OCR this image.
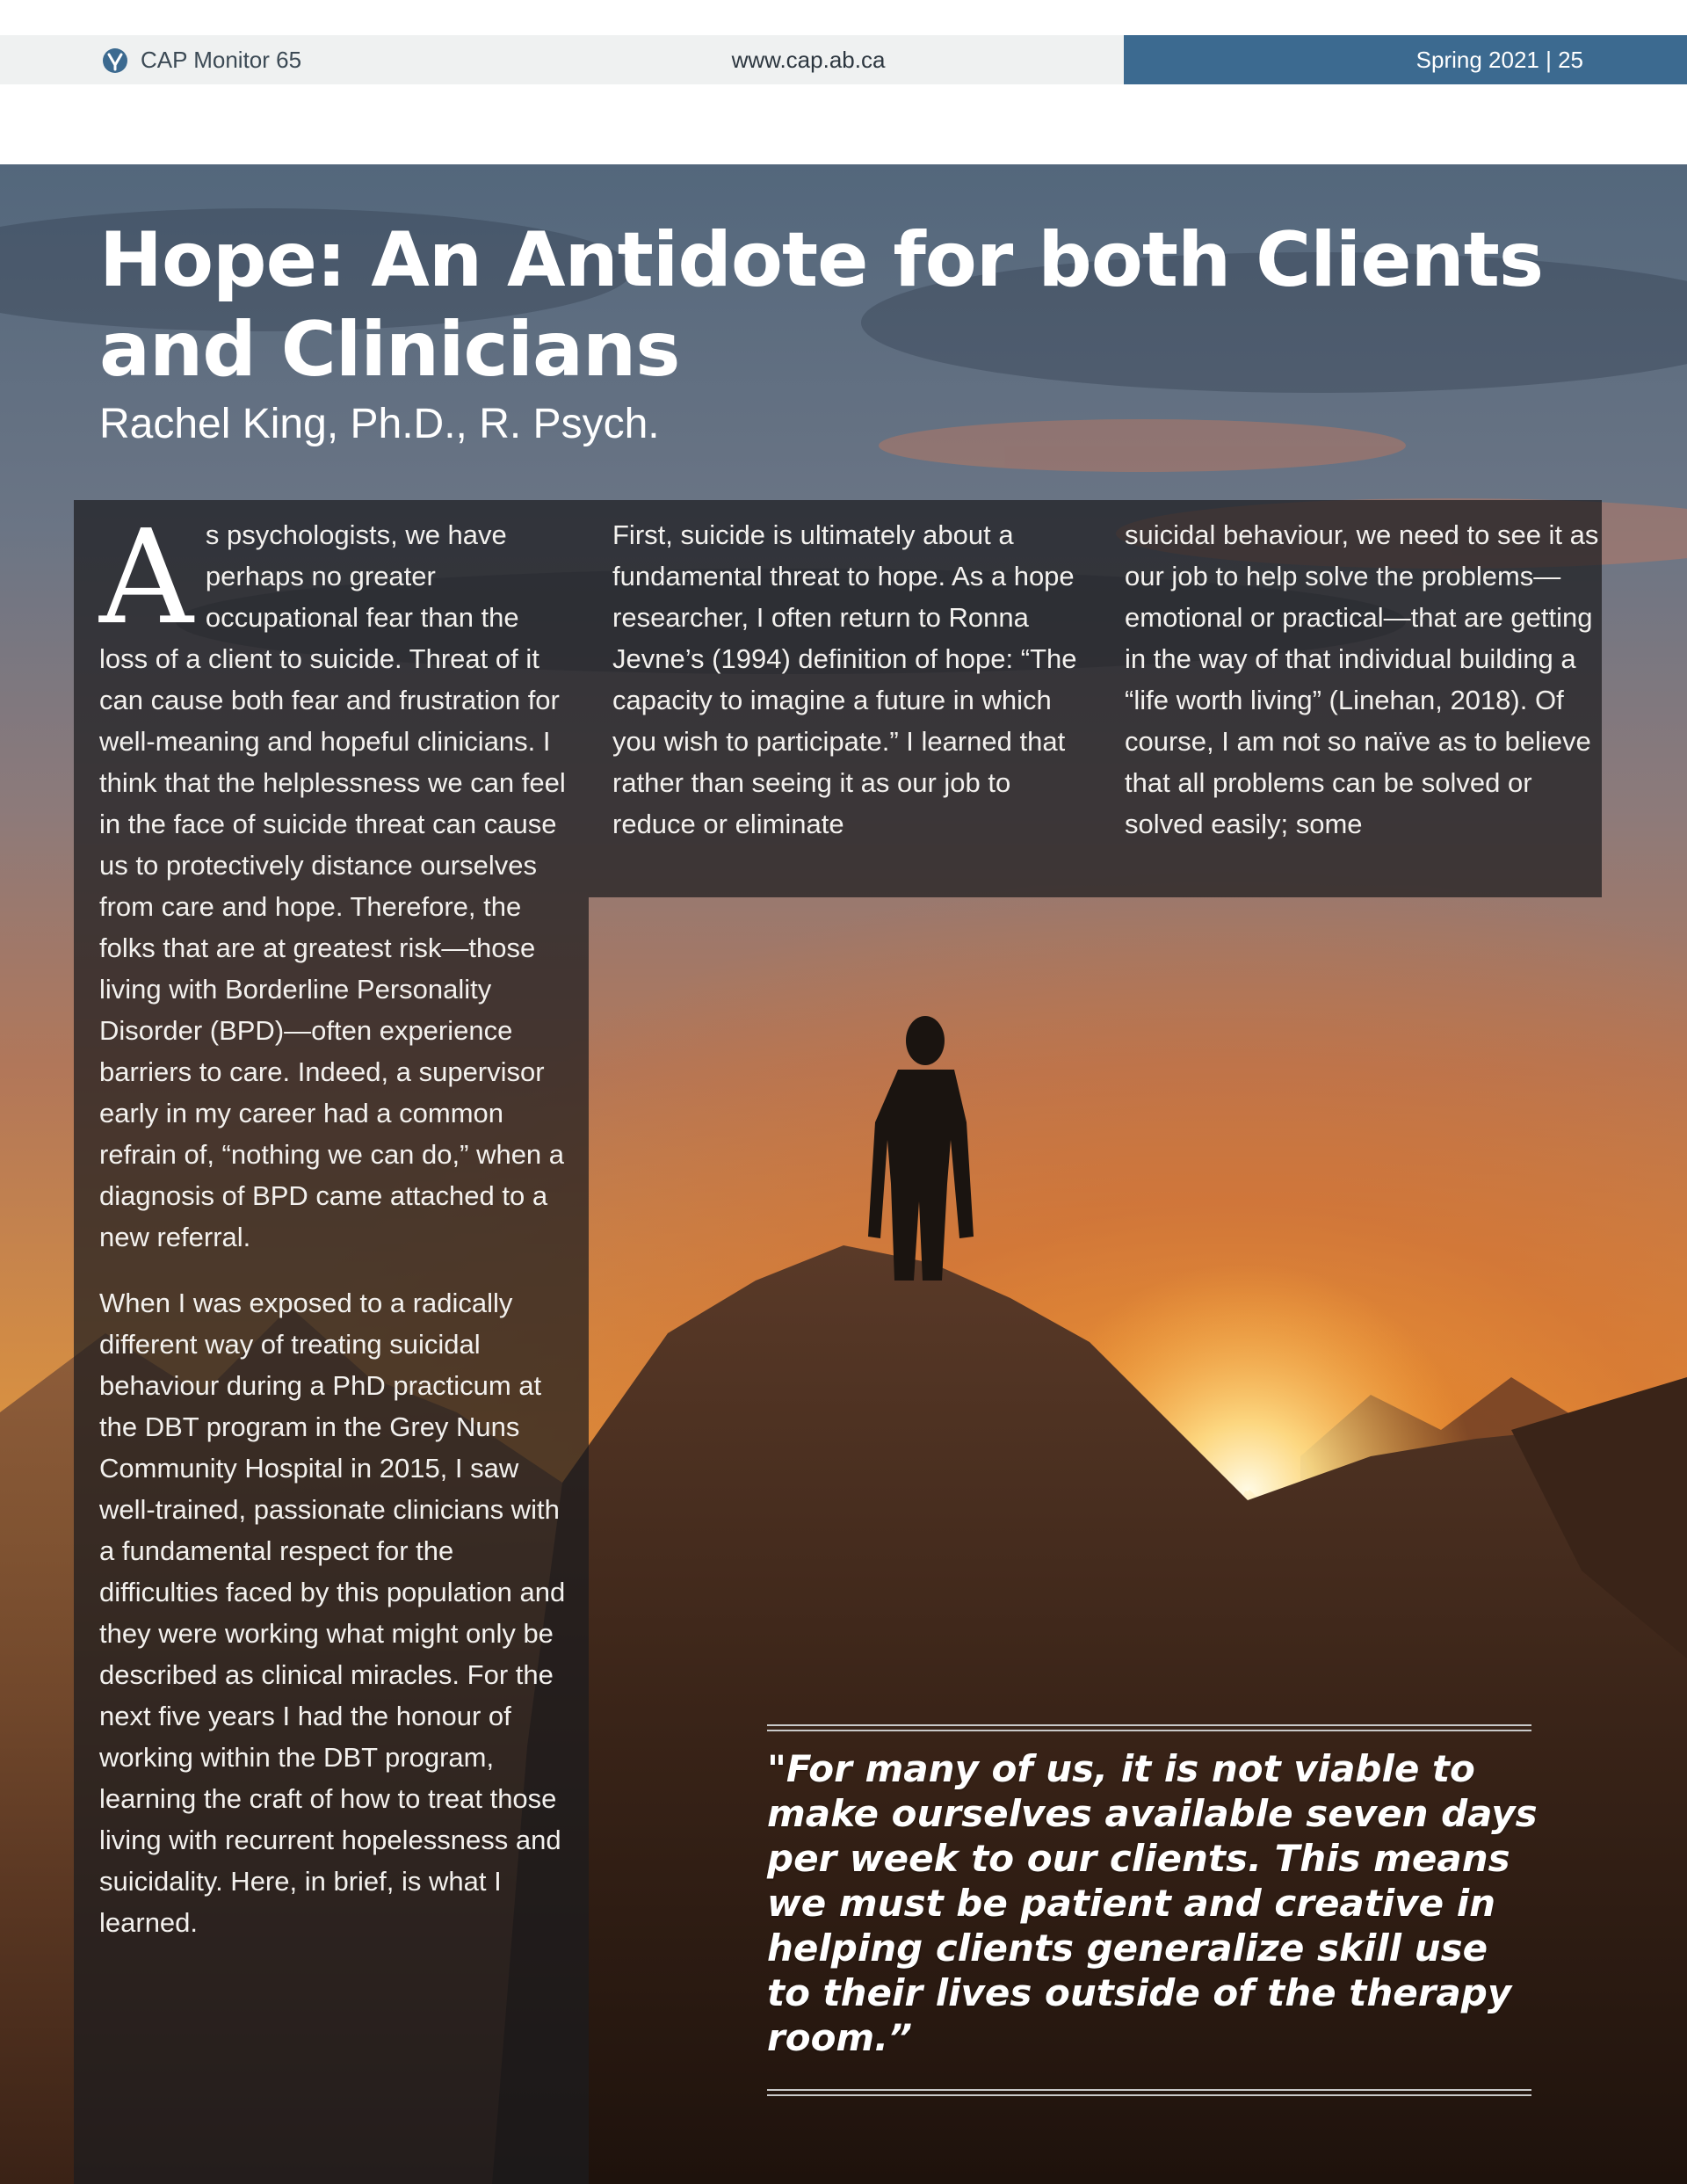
CAP Monitor 65	www.cap.ab.ca	Spring 2021 | 25
Hope: An Antidote for both Clients and Clinicians
Rachel King, Ph.D., R. Psych.

As psychologists, we have perhaps no greater occupational fear than the loss of a client to suicide. Threat of it can cause both fear and frustration for well-meaning and hopeful clinicians. I think that the helplessness we can feel in the face of suicide threat can cause us to protectively distance ourselves from care and hope. Therefore, the folks that are at greatest risk—those living with Borderline Personality Disorder (BPD)—often experience barriers to care. Indeed, a supervisor early in my career had a common refrain of, “nothing we can do,” when a diagnosis of BPD came attached to a new referral.

When I was exposed to a radically different way of treating suicidal behaviour during a PhD practicum at the DBT program in the Grey Nuns Community Hospital in 2015, I saw well-trained, passionate clinicians with a fundamental respect for the difficulties faced by this population and they were working what might only be described as clinical miracles. For the next five years I had the honour of working within the DBT program, learning the craft of how to treat those living with recurrent hopelessness and suicidality. Here, in brief, is what I learned.

First, suicide is ultimately about a fundamental threat to hope. As a hope researcher, I often return to Ronna Jevne’s (1994) definition of hope: “The capacity to imagine a future in which you wish to participate.” I learned that rather than seeing it as our job to reduce or eliminate

suicidal behaviour, we need to see it as our job to help solve the problems—emotional or practical—that are getting in the way of that individual building a “life worth living” (Linehan, 2018). Of course, I am not so naïve as to believe that all problems can be solved or solved easily; some

"For many of us, it is not viable to make ourselves available seven days per week to our clients. This means we must be patient and creative in helping clients generalize skill use to their lives outside of the therapy room.”
